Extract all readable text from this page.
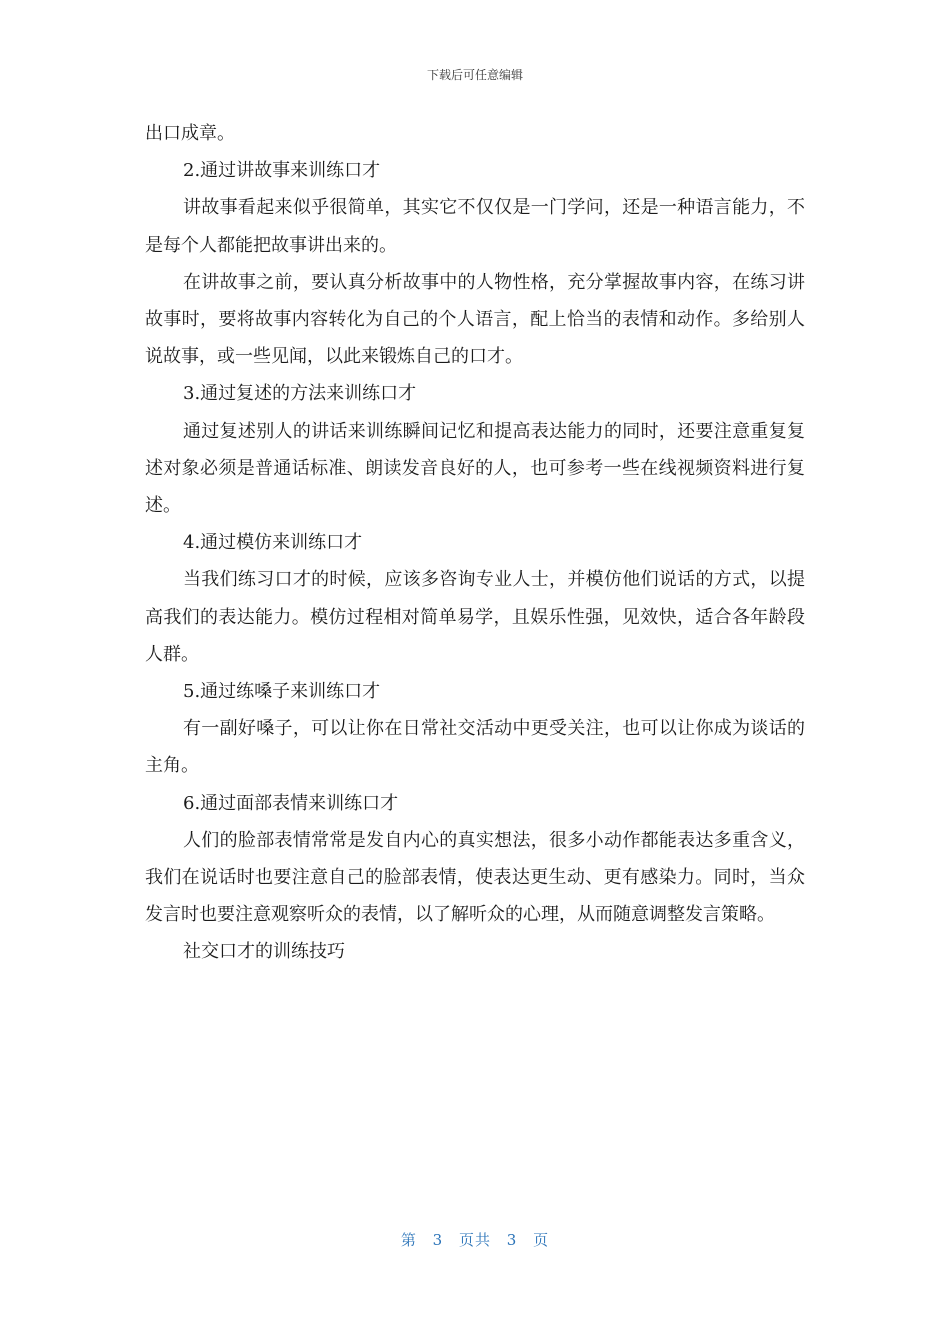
下载后可任意编辑

出口成章。

2.通过讲故事来训练口才

讲故事看起来似乎很简单，其实它不仅仅是一门学问，还是一种语言能力，不是每个人都能把故事讲出来的。

在讲故事之前，要认真分析故事中的人物性格，充分掌握故事内容，在练习讲故事时，要将故事内容转化为自己的个人语言，配上恰当的表情和动作。多给别人说故事，或一些见闻，以此来锻炼自己的口才。

3.通过复述的方法来训练口才

通过复述别人的讲话来训练瞬间记忆和提高表达能力的同时，还要注意重复复述对象必须是普通话标准、朗读发音良好的人，也可参考一些在线视频资料进行复述。

4.通过模仿来训练口才

当我们练习口才的时候，应该多咨询专业人士，并模仿他们说话的方式，以提高我们的表达能力。模仿过程相对简单易学，且娱乐性强，见效快，适合各年龄段人群。

5.通过练嗓子来训练口才

有一副好嗓子，可以让你在日常社交活动中更受关注，也可以让你成为谈话的主角。

6.通过面部表情来训练口才

人们的脸部表情常常是发自内心的真实想法，很多小动作都能表达多重含义，我们在说话时也要注意自己的脸部表情，使表达更生动、更有感染力。同时，当众发言时也要注意观察听众的表情，以了解听众的心理，从而随意调整发言策略。

社交口才的训练技巧

第 3 页共 3 页
